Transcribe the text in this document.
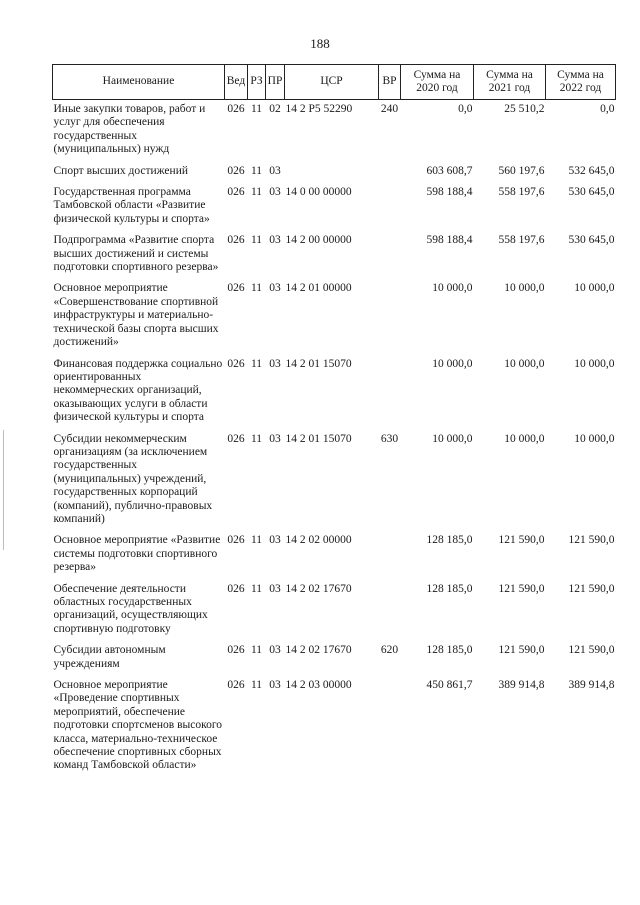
188
Наименование	Вед	РЗ	ПР	ЦСР	ВР	Сумма на 2020 год	Сумма на 2021 год	Сумма на 2022 год
Иные закупки товаров, работ и услуг для обеспечения государственных (муниципальных) нужд	026	11	02	14 2 P5 52290	240	0,0	25 510,2	0,0
Спорт высших достижений	026	11	03			603 608,7	560 197,6	532 645,0
Государственная программа Тамбовской области «Развитие физической культуры и спорта»	026	11	03	14 0 00 00000		598 188,4	558 197,6	530 645,0
Подпрограмма «Развитие спорта высших достижений и системы подготовки спортивного резерва»	026	11	03	14 2 00 00000		598 188,4	558 197,6	530 645,0
Основное мероприятие «Совершенствование спортивной инфраструктуры и материально-технической базы спорта высших достижений»	026	11	03	14 2 01 00000		10 000,0	10 000,0	10 000,0
Финансовая поддержка социально ориентированных некоммерческих организаций, оказывающих услуги в области физической культуры и спорта	026	11	03	14 2 01 15070		10 000,0	10 000,0	10 000,0
Субсидии некоммерческим организациям (за исключением государственных (муниципальных) учреждений, государственных корпораций (компаний), публично-правовых компаний)	026	11	03	14 2 01 15070	630	10 000,0	10 000,0	10 000,0
Основное мероприятие «Развитие системы подготовки спортивного резерва»	026	11	03	14 2 02 00000		128 185,0	121 590,0	121 590,0
Обеспечение деятельности областных государственных организаций, осуществляющих спортивную подготовку	026	11	03	14 2 02 17670		128 185,0	121 590,0	121 590,0
Субсидии автономным учреждениям	026	11	03	14 2 02 17670	620	128 185,0	121 590,0	121 590,0
Основное мероприятие «Проведение спортивных мероприятий, обеспечение подготовки спортсменов высокого класса, материально-техническое обеспечение спортивных сборных команд Тамбовской области»	026	11	03	14 2 03 00000		450 861,7	389 914,8	389 914,8
